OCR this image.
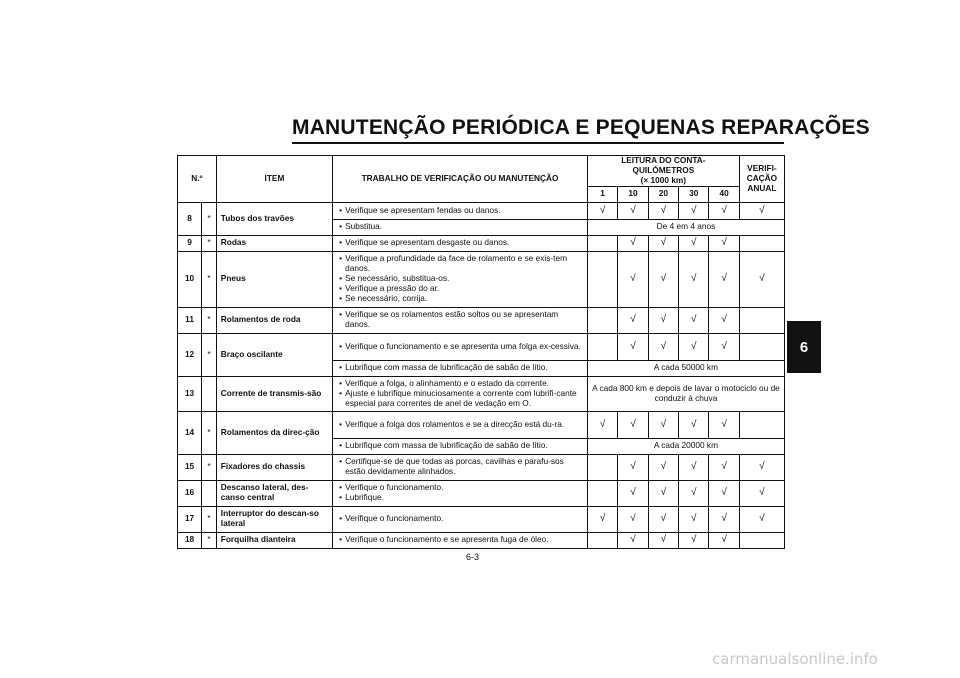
MANUTENÇÃO PERIÓDICA E PEQUENAS REPARAÇÕES
6
N.º		ITEM	TRABALHO DE VERIFICAÇÃO OU MANUTENÇÃO	LEITURA DO CONTA-QUILÓMETROS
(× 1000 km)					VERIFI-CAÇÃO ANUAL
				1	10	20	30	40	
8	*	Tubos dos travões	• Verifique se apresentam fendas ou danos.	√	√	√	√	√	√

			• Substitua.	De 4 em 4 anos					
9	*	Rodas	• Verifique se apresentam desgaste ou danos.		√	√	√	√	
10	*	Pneus	• Verifique a profundidade da face de rolamento e se exis-tem danos.
• Se necessário, substitua-os.
• Verifique a pressão do ar.
• Se necessário, corrija.		√	√	√	√	√
11	*	Rolamentos de roda	• Verifique se os rolamentos estão soltos ou se apresentam danos.		√	√	√	√	
12	*	Braço oscilante	• Verifique o funcionamento e se apresenta uma folga ex-cessiva.		√	√	√	√	

			• Lubrifique com massa de lubrificação de sabão de lítio.	A cada 50000 km					
13		Corrente de transmis-são	• Verifique a folga, o alinhamento e o estado da corrente.
• Ajuste e lubrifique minuciosamente a corrente com lubrifi-cante especial para correntes de anel de vedação em O.	A cada 800 km e depois de lavar o motociclo ou de conduzir à chuva					
14	*	Rolamentos da direc-ção	• Verifique a folga dos rolamentos e se a direcção está du-ra.	√	√	√	√	√	

			• Lubrifique com massa de lubrificação de sabão de lítio.	A cada 20000 km					
15	*	Fixadores do chassis	• Certifique-se de que todas as porcas, cavilhas e parafu-sos estão devidamente alinhados.		√	√	√	√	√
16		Descanso lateral, des-canso central	• Verifique o funcionamento.
• Lubrifique.		√	√	√	√	√
17	*	Interruptor do descan-so lateral	• Verifique o funcionamento.	√	√	√	√	√	√
18	*	Forquilha dianteira	• Verifique o funcionamento e se apresenta fuga de óleo.		√	√	√	√	
6-3
carmanualsonline.info
